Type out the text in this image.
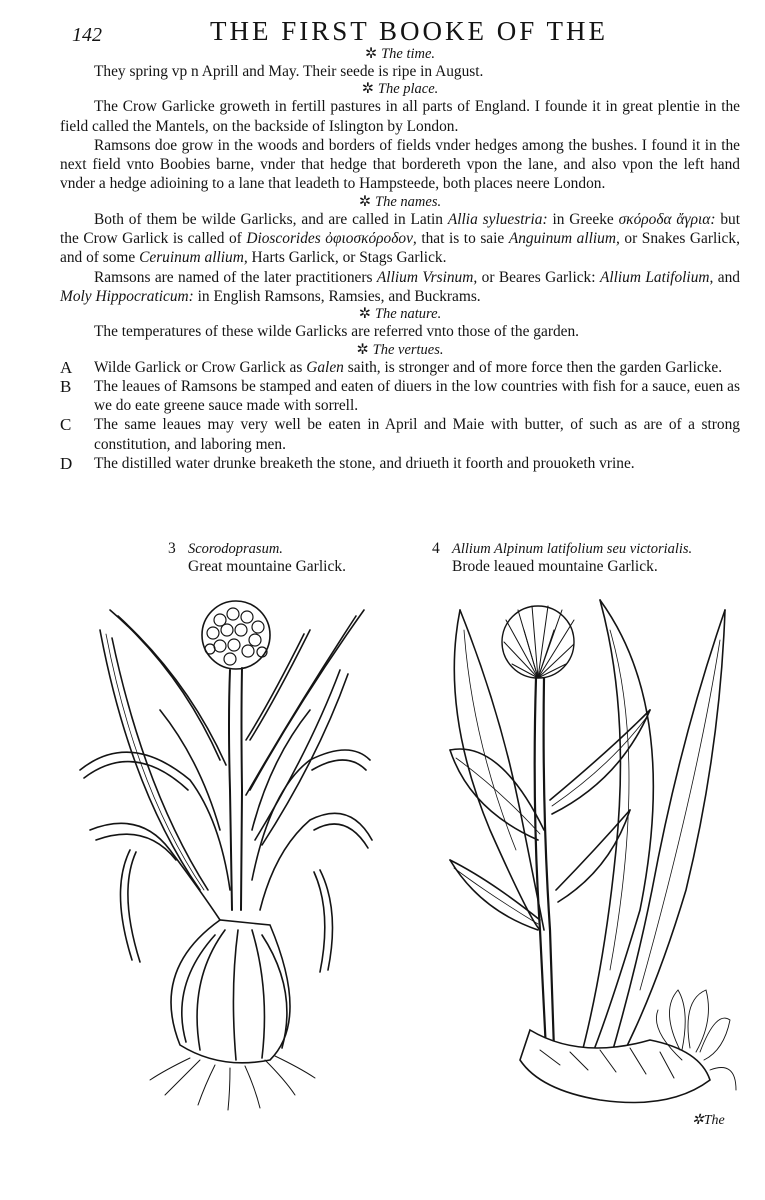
142	THE FIRST BOOKE OF THE
✲ The time.

They spring vp n Aprill and May. Their seede is ripe in August.

✲ The place.

The Crow Garlicke groweth in fertill pastures in all parts of England. I founde it in great plentie in the field called the Mantels, on the backside of Islington by London.

Ramsons doe grow in the woods and borders of fields vnder hedges among the bushes. I found it in the next field vnto Boobies barne, vnder that hedge that bordereth vpon the lane, and also vpon the left hand vnder a hedge adioining to a lane that leadeth to Hampsteede, both places neere London.

✲ The names.

Both of them be wilde Garlicks, and are called in Latin Allia syluestria: in Greeke σκόροδα ἄγρια: but the Crow Garlick is called of Dioscorides ὀφιοσκόροδον, that is to saie Anguinum allium, or Snakes Garlick, and of some Ceruinum allium, Harts Garlick, or Stags Garlick.

Ramsons are named of the later practitioners Allium Vrsinum, or Beares Garlick: Allium Latifolium, and Moly Hippocraticum: in English Ramsons, Ramsies, and Buckrams.

✲ The nature.

The temperatures of these wilde Garlicks are referred vnto those of the garden.

✲ The vertues.
A Wilde Garlick or Crow Garlick as Galen saith, is stronger and of more force then the garden Garlicke.
B The leaues of Ramsons be stamped and eaten of diuers in the low countries with fish for a sauce, euen as we do eate greene sauce made with sorrell.
C The same leaues may very well be eaten in April and Maie with butter, of such as are of a strong constitution, and laboring men.
D The distilled water drunke breaketh the stone, and driueth it foorth and prouoketh vrine.
3 Scorodoprasum.
Great mountaine Garlick.
4 Allium Alpinum latifolium seu victorialis.
Brode leaued mountaine Garlick.
✲The
